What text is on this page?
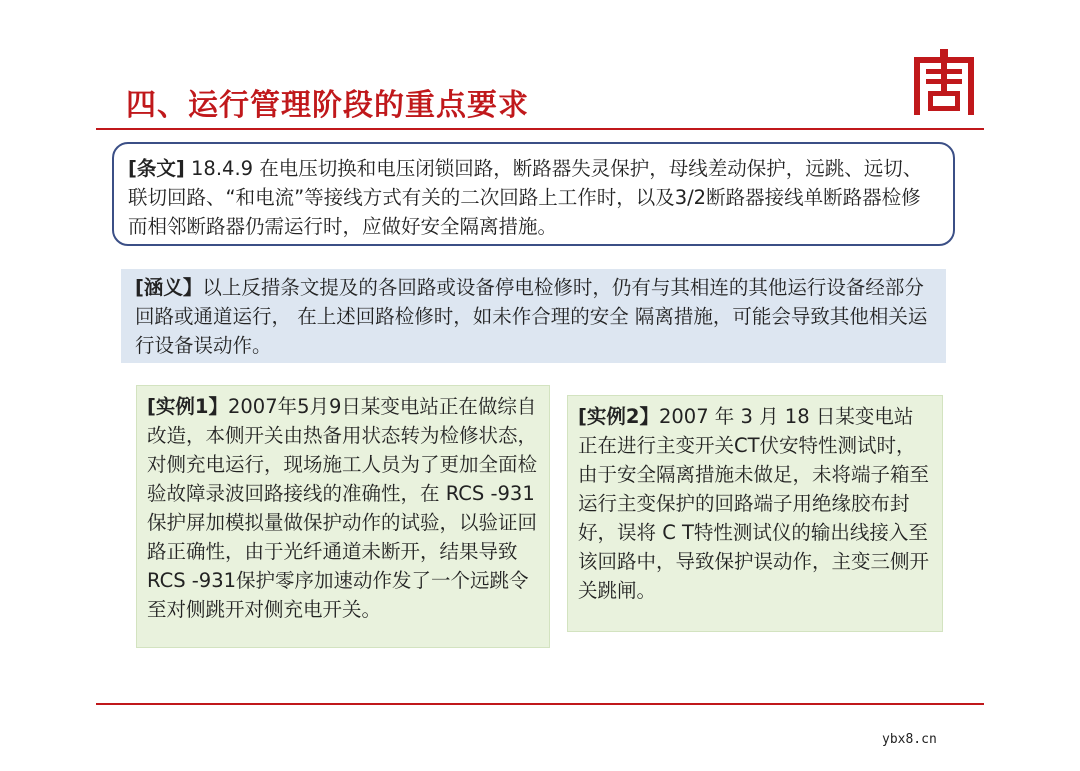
四、运行管理阶段的重点要求
[条文] 18.4.9 在电压切换和电压闭锁回路，断路器失灵保护，母线差动保护，远跳、远切、联切回路、“和电流”等接线方式有关的二次回路上工作时，以及3/2断路器接线单断路器检修而相邻断路器仍需运行时，应做好安全隔离措施。
[涵义】以上反措条文提及的各回路或设备停电检修时，仍有与其相连的其他运行设备经部分回路或通道运行， 在上述回路检修时，如未作合理的安全 隔离措施，可能会导致其他相关运行设备误动作。
[实例1】2007年5月9日某变电站正在做综自改造，本侧开关由热备用状态转为检修状态，对侧充电运行，现场施工人员为了更加全面检验故障录波回路接线的准确性，在 RCS -931保护屏加模拟量做保护动作的试验，以验证回路正确性，由于光纤通道未断开，结果导致RCS -931保护零序加速动作发了一个远跳令至对侧跳开对侧充电开关。
[实例2】2007 年 3 月 18 日某变电站正在进行主变开关CT伏安特性测试时，由于安全隔离措施未做足，未将端子箱至运行主变保护的回路端子用绝缘胶布封好，误将 C T特性测试仪的输出线接入至该回路中，导致保护误动作，主变三侧开关跳闸。
ybx8.cn
